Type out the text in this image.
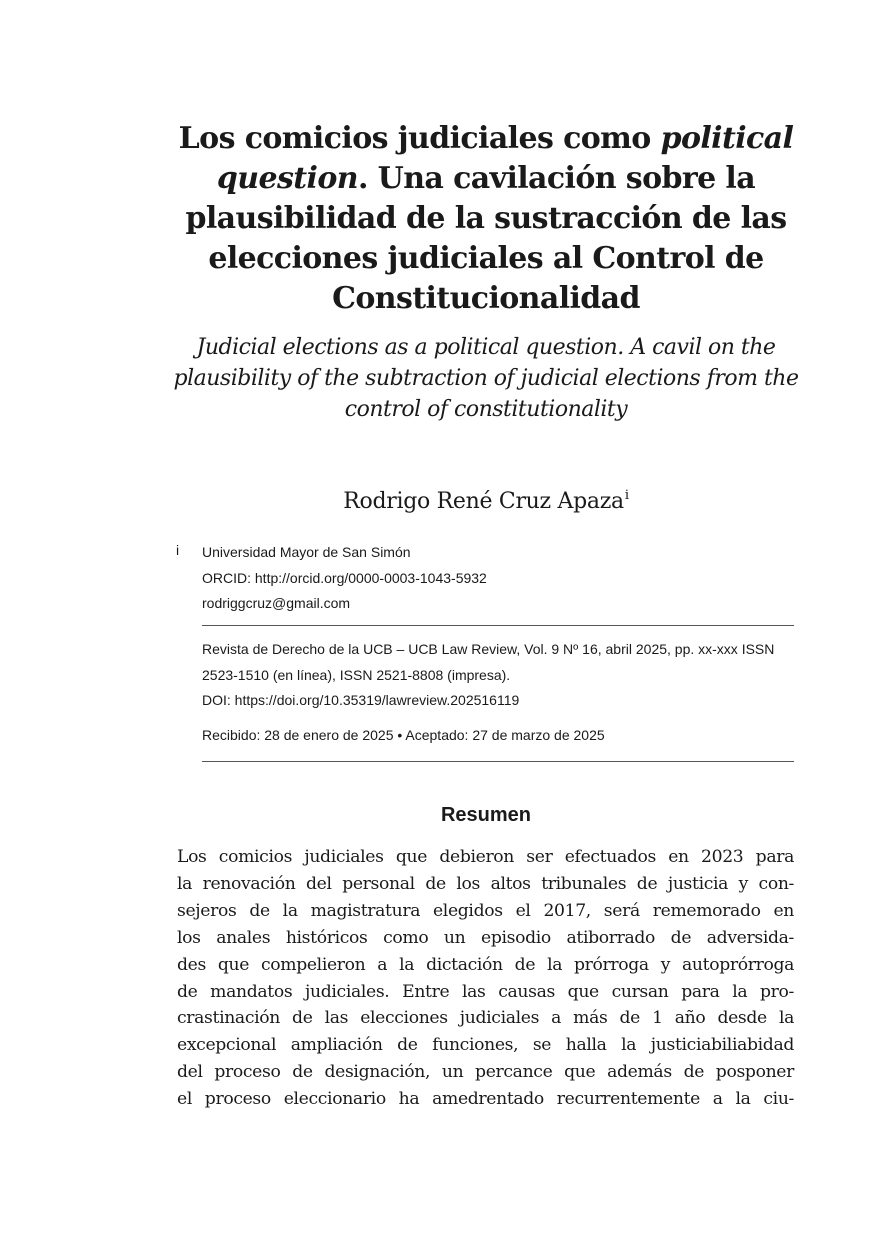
Los comicios judiciales como political question. Una cavilación sobre la plausibilidad de la sustracción de las elecciones judiciales al Control de Constitucionalidad

Judicial elections as a political question. A cavil on the plausibility of the subtraction of judicial elections from the control of constitutionality

Rodrigo René Cruz Apaza$^i$
i Universidad Mayor de San Simón
ORCID: http://orcid.org/0000-0003-1043-5932
rodriggcruz@gmail.com
Revista de Derecho de la UCB – UCB Law Review, Vol. 9 Nº 16, abril 2025, pp. xx-xxx ISSN 2523-1510 (en línea), ISSN 2521-8808 (impresa).
DOI: https://doi.org/10.35319/lawreview.202516119
Recibido: 28 de enero de 2025 • Aceptado: 27 de marzo de 2025
Resumen
Los comicios judiciales que debieron ser efectuados en 2023 para
la renovación del personal de los altos tribunales de justicia y con-
sejeros de la magistratura elegidos el 2017, será rememorado en
los anales históricos como un episodio atiborrado de adversida-
des que compelieron a la dictación de la prórroga y autoprórroga
de mandatos judiciales. Entre las causas que cursan para la pro-
crastinación de las elecciones judiciales a más de 1 año desde la
excepcional ampliación de funciones, se halla la justiciabiliabidad
del proceso de designación, un percance que además de posponer
el proceso eleccionario ha amedrentado recurrentemente a la ciu-
